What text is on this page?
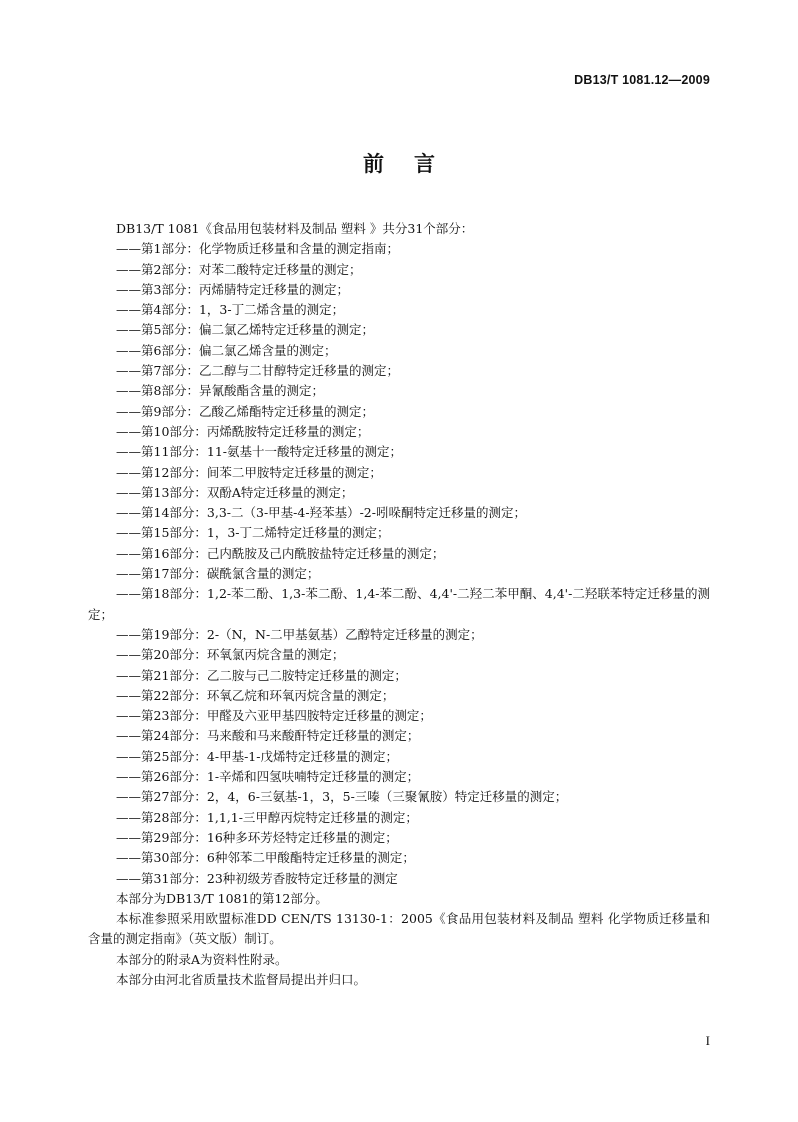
DB13/T 1081.12—2009
前言

DB13/T 1081《食品用包装材料及制品 塑料 》共分31个部分：

——第1部分：化学物质迁移量和含量的测定指南；

——第2部分：对苯二酸特定迁移量的测定；

——第3部分：丙烯腈特定迁移量的测定；

——第4部分：1，3-丁二烯含量的测定；

——第5部分：偏二氯乙烯特定迁移量的测定；

——第6部分：偏二氯乙烯含量的测定；

——第7部分：乙二醇与二甘醇特定迁移量的测定；

——第8部分：异氰酸酯含量的测定；

——第9部分：乙酸乙烯酯特定迁移量的测定；

——第10部分：丙烯酰胺特定迁移量的测定；

——第11部分：11-氨基十一酸特定迁移量的测定；

——第12部分：间苯二甲胺特定迁移量的测定；

——第13部分：双酚A特定迁移量的测定；

——第14部分：3,3-二（3-甲基-4-羟苯基）-2-吲哚酮特定迁移量的测定；

——第15部分：1，3-丁二烯特定迁移量的测定；

——第16部分：己内酰胺及己内酰胺盐特定迁移量的测定；

——第17部分：碳酰氯含量的测定；

——第18部分：1,2-苯二酚、1,3-苯二酚、1,4-苯二酚、4,4'-二羟二苯甲酮、4,4'-二羟联苯特定迁移量的测定；

——第19部分：2-（N，N-二甲基氨基）乙醇特定迁移量的测定；

——第20部分：环氧氯丙烷含量的测定；

——第21部分：乙二胺与己二胺特定迁移量的测定；

——第22部分：环氧乙烷和环氧丙烷含量的测定；

——第23部分：甲醛及六亚甲基四胺特定迁移量的测定；

——第24部分：马来酸和马来酸酐特定迁移量的测定；

——第25部分：4-甲基-1-戊烯特定迁移量的测定；

——第26部分：1-辛烯和四氢呋喃特定迁移量的测定；

——第27部分：2，4，6-三氨基-1，3，5-三嗪（三聚氰胺）特定迁移量的测定；

——第28部分：1,1,1-三甲醇丙烷特定迁移量的测定；

——第29部分：16种多环芳烃特定迁移量的测定；

——第30部分：6种邻苯二甲酸酯特定迁移量的测定；

——第31部分：23种初级芳香胺特定迁移量的测定

本部分为DB13/T 1081的第12部分。

本标准参照采用欧盟标准DD CEN/TS 13130-1：2005《食品用包装材料及制品 塑料 化学物质迁移量和含量的测定指南》（英文版）制订。

本部分的附录A为资料性附录。

本部分由河北省质量技术监督局提出并归口。

I
